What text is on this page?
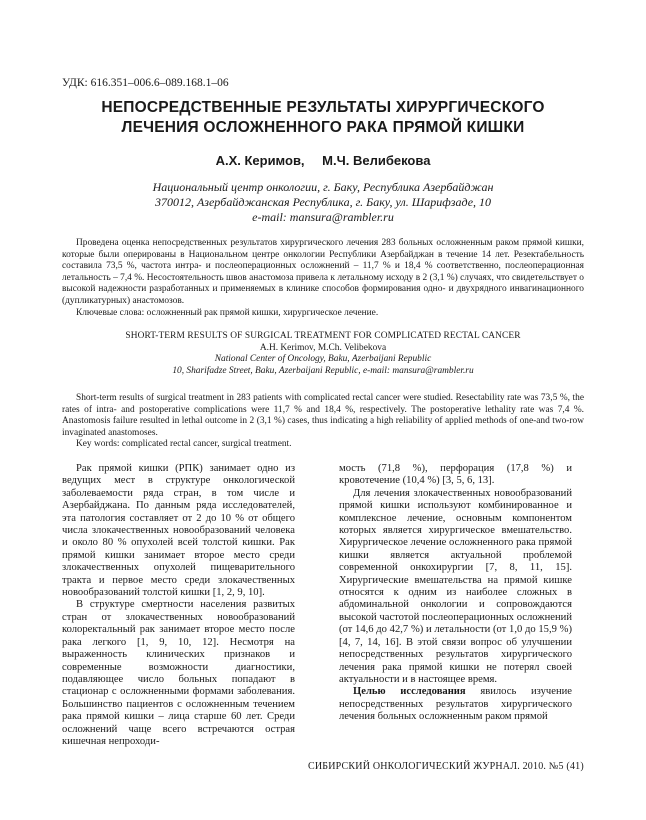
УДК: 616.351–006.6–089.168.1–06
НЕПОСРЕДСТВЕННЫЕ РЕЗУЛЬТАТЫ ХИРУРГИЧЕСКОГО
ЛЕЧЕНИЯ ОСЛОЖНЕННОГО РАКА ПРЯМОЙ КИШКИ
А.Х. Керимов, М.Ч. Велибекова
Национальный центр онкологии, г. Баку, Республика Азербайджан
370012, Азербайджанская Республика, г. Баку, ул. Шарифзаде, 10
e-mail: mansura@rambler.ru

Проведена оценка непосредственных результатов хирургического лечения 283 больных осложненным раком прямой кишки, которые были оперированы в Национальном центре онкологии Республики Азербайджан в течение 14 лет. Резектабельность составила 73,5 %, частота интра- и послеоперационных осложнений – 11,7 % и 18,4 % соответственно, послеоперационная летальность – 7,4 %. Несостоятельность швов анастомоза привела к летальному исходу в 2 (3,1 %) случаях, что свидетельствует о высокой надежности разработанных и применяемых в клинике способов формирования одно- и двухрядного инвагинационного (дупликатурных) анастомозов.

Ключевые слова: осложненный рак прямой кишки, хирургическое лечение.

SHORT-TERM RESULTS OF SURGICAL TREATMENT FOR COMPLICATED RECTAL CANCER
A.H. Kerimov, M.Ch. Velibekova
National Center of Oncology, Baku, Azerbaijani Republic
10, Sharifadze Street, Baku, Azerbaijani Republic, e-mail: mansura@rambler.ru

Short-term results of surgical treatment in 283 patients with complicated rectal cancer were studied. Resectability rate was 73,5 %, the rates of intra- and postoperative complications were 11,7 % and 18,4 %, respectively. The postoperative lethality rate was 7,4 %. Anastomosis failure resulted in lethal outcome in 2 (3,1 %) cases, thus indicating a high reliability of applied methods of one-and two-row invaginated anastomoses.

Key words: complicated rectal cancer, surgical treatment.

Рак прямой кишки (РПК) занимает одно из ведущих мест в структуре онкологической заболеваемости ряда стран, в том числе и Азербайджана. По данным ряда исследователей, эта патология составляет от 2 до 10 % от общего числа злокачественных новообразований человека и около 80 % опухолей всей толстой кишки. Рак прямой кишки занимает второе место среди злокачественных опухолей пищеварительного тракта и первое место среди злокачественных новообразований толстой кишки [1, 2, 9, 10].

В структуре смертности населения развитых стран от злокачественных новообразований колоректальный рак занимает второе место после рака легкого [1, 9, 10, 12]. Несмотря на выраженность клинических признаков и современные возможности диагностики, подавляющее число больных попадают в стационар с осложненными формами заболевания. Большинство пациентов с осложненным течением рака прямой кишки – лица старше 60 лет. Среди осложнений чаще всего встречаются острая кишечная непроходи-

мость (71,8 %), перфорация (17,8 %) и кровотечение (10,4 %) [3, 5, 6, 13].

Для лечения злокачественных новообразований прямой кишки используют комбинированное и комплексное лечение, основным компонентом которых является хирургическое вмешательство. Хирургическое лечение осложненного рака прямой кишки является актуальной проблемой современной онкохирургии [7, 8, 11, 15]. Хирургические вмешательства на прямой кишке относятся к одним из наиболее сложных в абдоминальной онкологии и сопровождаются высокой частотой послеоперационных осложнений (от 14,6 до 42,7 %) и летальности (от 1,0 до 15,9 %) [4, 7, 14, 16]. В этой связи вопрос об улучшении непосредственных результатов хирургического лечения рака прямой кишки не потерял своей актуальности и в настоящее время.

Целью исследования явилось изучение непосредственных результатов хирургического лечения больных осложненным раком прямой

СИБИРСКИЙ ОНКОЛОГИЧЕСКИЙ ЖУРНАЛ. 2010. №5 (41)
